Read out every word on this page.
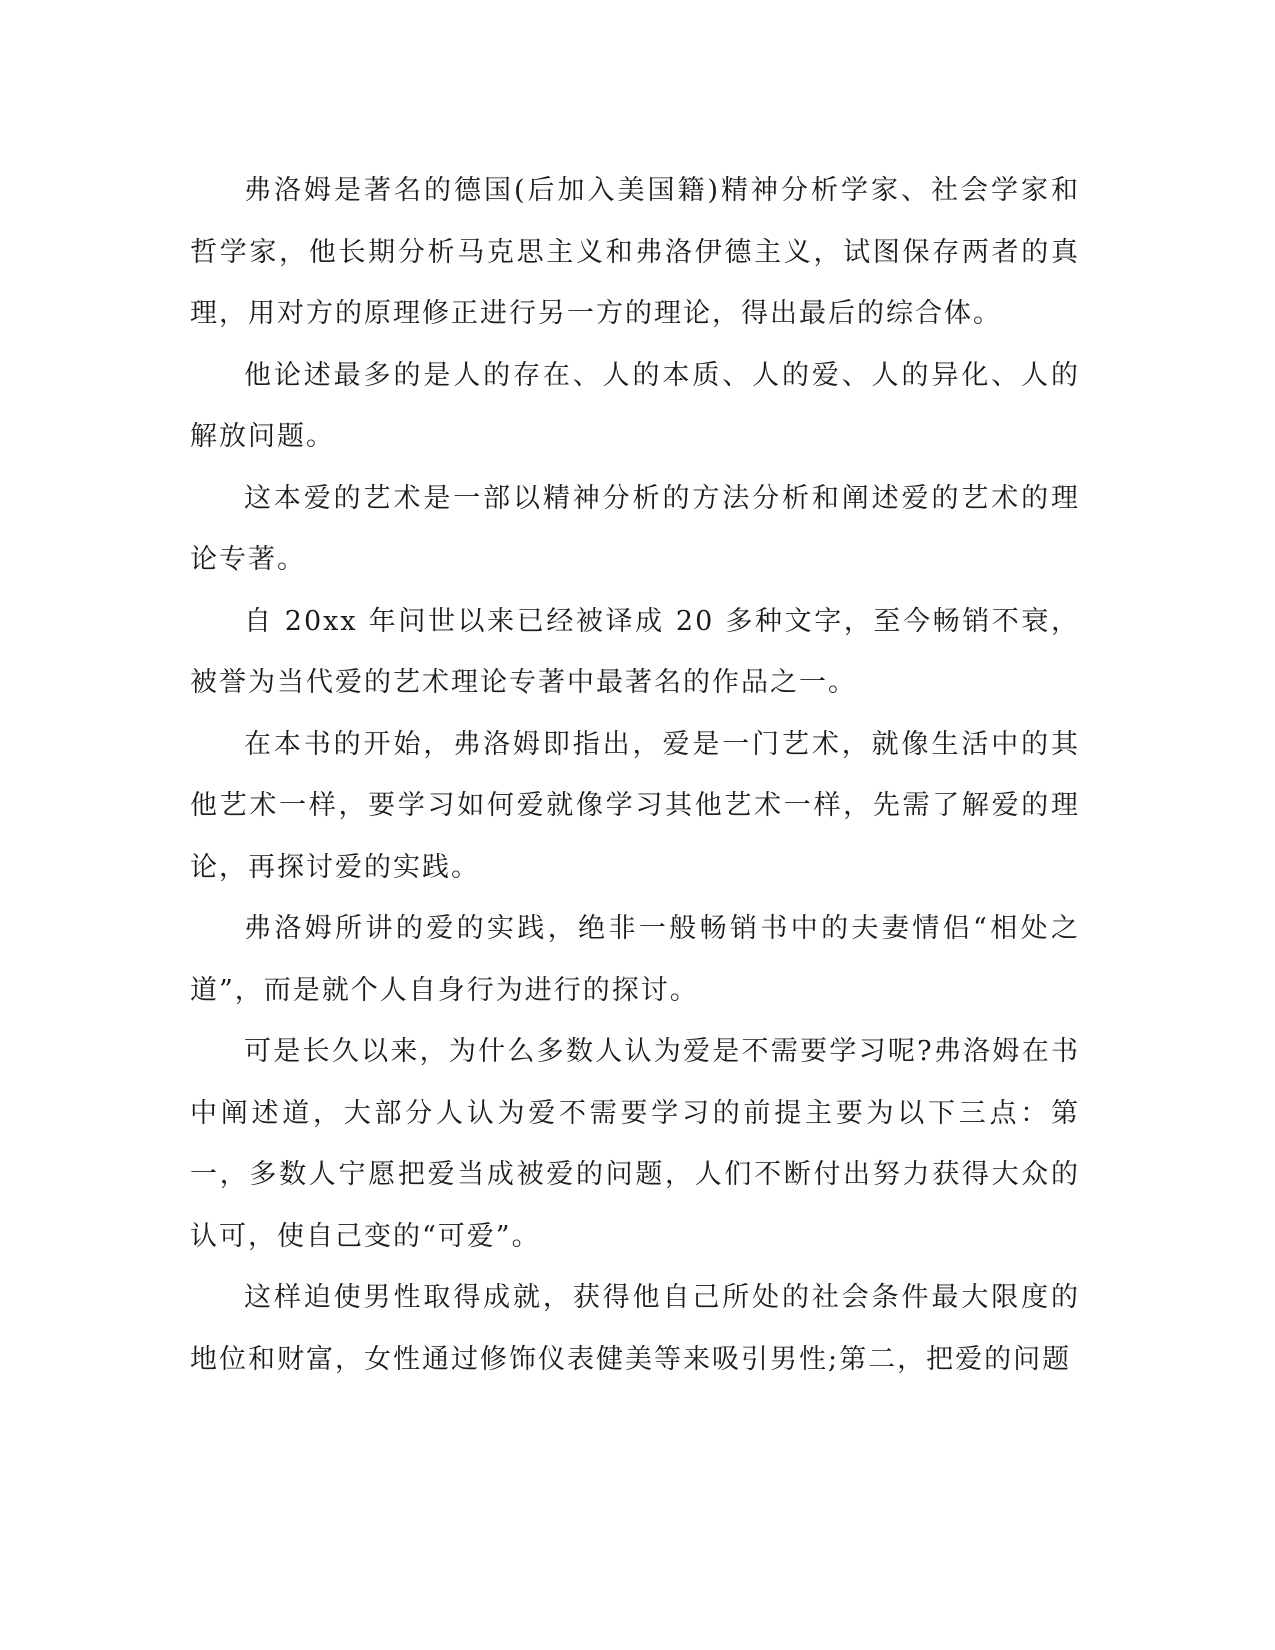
弗洛姆是著名的德国(后加入美国籍)精神分析学家、社会学家和哲学家，他长期分析马克思主义和弗洛伊德主义，试图保存两者的真理，用对方的原理修正进行另一方的理论，得出最后的综合体。

他论述最多的是人的存在、人的本质、人的爱、人的异化、人的解放问题。

这本爱的艺术是一部以精神分析的方法分析和阐述爱的艺术的理论专著。

自 20xx 年问世以来已经被译成 20 多种文字，至今畅销不衰，被誉为当代爱的艺术理论专著中最著名的作品之一。

在本书的开始，弗洛姆即指出，爱是一门艺术，就像生活中的其他艺术一样，要学习如何爱就像学习其他艺术一样，先需了解爱的理论，再探讨爱的实践。

弗洛姆所讲的爱的实践，绝非一般畅销书中的夫妻情侣“相处之道”，而是就个人自身行为进行的探讨。

可是长久以来，为什么多数人认为爱是不需要学习呢?弗洛姆在书中阐述道，大部分人认为爱不需要学习的前提主要为以下三点：第一，多数人宁愿把爱当成被爱的问题，人们不断付出努力获得大众的认可，使自己变的“可爱”。

这样迫使男性取得成就，获得他自己所处的社会条件最大限度的地位和财富，女性通过修饰仪表健美等来吸引男性;第二，把爱的问题
